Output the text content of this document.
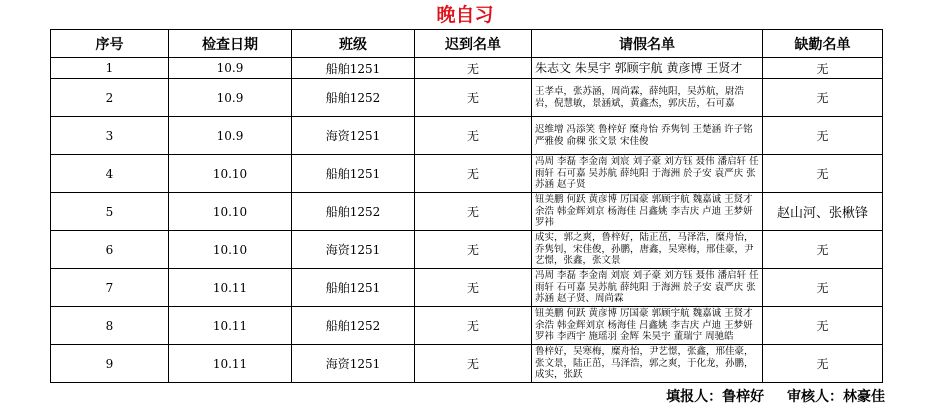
晚自习
序号	检查日期	班级	迟到名单	请假名单	缺勤名单
1	10.9	船舶1251	无	朱志文 朱昊宇 郭顾宇航 黄彦博 王贤才	无
2	10.9	船舶1252	无	王孝卓，张苏涵，周尚霖，薛纯阳，吴苏航，尉浩岩，倪慧敏，景涵斌，黄鑫杰，郭庆岳，石可嘉	无
3	10.9	海资1251	无	迟维增 冯添笑 鲁梓好 糜舟怡 乔隽钊 王楚涵 许子铭 严雅俊 俞稞 张文景 宋佳俊	无
4	10.10	船舶1251	无	冯周 李磊 李金南 刘宸 刘子豪 刘方钰 聂伟 潘启轩 任雨轩 石可嘉 吴苏航 薛纯阳 于海洲 於子安 袁严庆 张苏涵 赵子贤	无
5	10.10	船舶1252	无	钮美鹏 何跃 黄彦博 厉国豪 郭顾宇航 魏嘉诚 王贤才 余浩 韩金辉刘京 杨海佳 吕鑫姚 李吉庆 卢迪 王梦妍 罗祎	赵山河、张楸锋
6	10.10	海资1251	无	成实，郭之爽，鲁梓好，陆正茁，马泽浩，糜舟怡，乔隽钊，宋佳俊，孙鹏，唐鑫，吴寒梅，邢佳豪，尹艺憬，张鑫，张文景	无
7	10.11	船舶1251	无	冯周 李磊 李金南 刘宸 刘子豪 刘方钰 聂伟 潘启轩 任雨轩 石可嘉 吴苏航 薛纯阳 于海洲 於子安 袁严庆 张苏涵 赵子贤、周尚霖	无
8	10.11	船舶1252	无	钮美鹏 何跃 黄彦博 厉国豪 郭顾宇航 魏嘉诚 王贤才 余浩 韩金辉刘京 杨海佳 吕鑫姚 李吉庆 卢迪 王梦妍 罗祎 李西宇 施瑶羽 金辉 朱昊宇 董瑞宁 周驰皓	无
9	10.11	海资1251	无	鲁梓好，吴寒梅，糜舟怡，尹艺憬，张鑫，邢佳豪，张文景，陆正茁，马泽浩，郭之爽，于化龙，孙鹏，成实，张跃	无
填报人：鲁梓好 审核人：林豪佳
